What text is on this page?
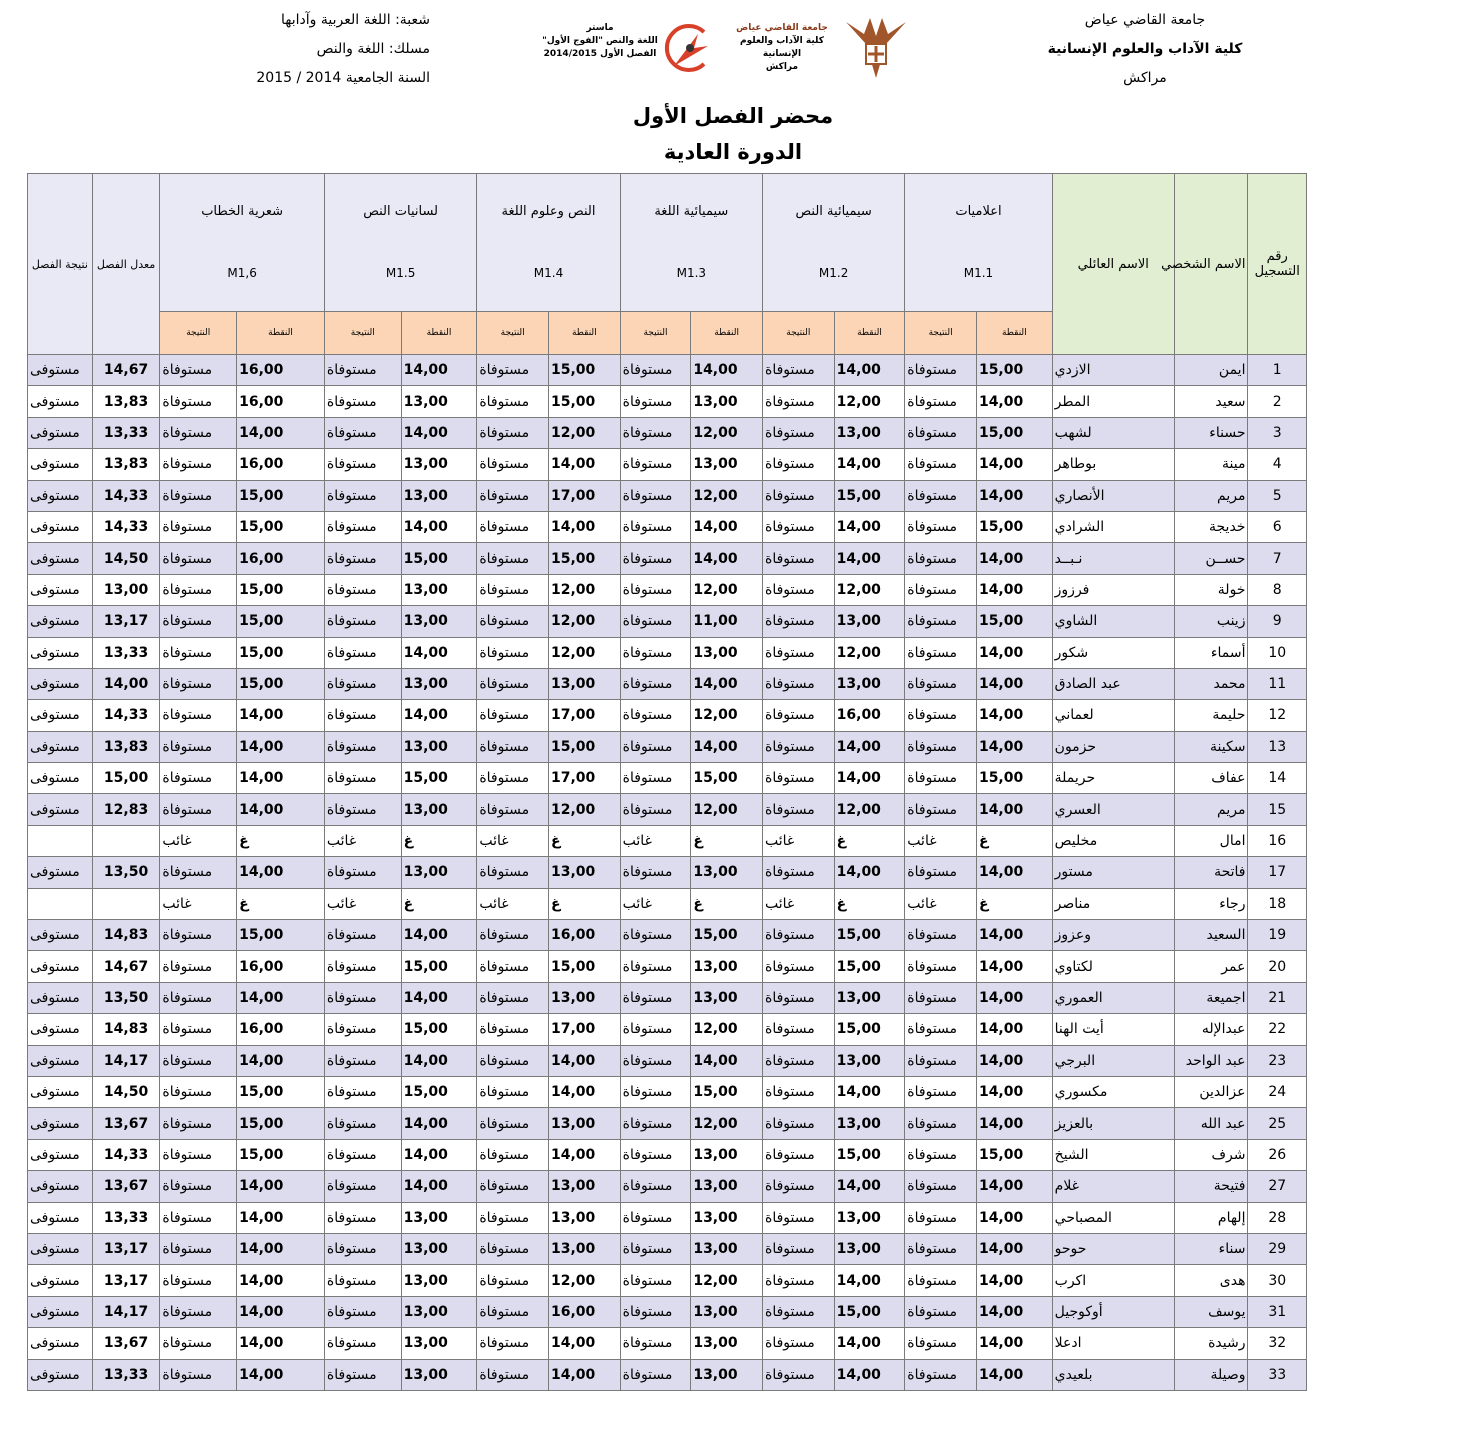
جامعة القاضي عياض
كلية الآداب والعلوم الإنسانية
مراكش
شعبة: اللغة العربية وآدابها
مسلك: اللغة والنص
السنة الجامعية 2014 / 2015
جامعة القاضي عياض
كلية الآداب والعلوم الإنسانية
مراكش
ماستر
اللغة والنص "الفوج الأول"
الفصل الأول 2014/2015
محضر الفصل الأول
الدورة العادية
رقم التسجيل	الاسم الشخصي	الاسم العائلي	اعلاميات
M1.1		سيميائية النص
M1.2		سيميائية اللغة
M1.3		النص وعلوم اللغة
M1.4		لسانيات النص
M1.5		شعرية الخطاب
M1,6		معدل الفصل	نتيجة الفصل
			النقطة	النتيجة	النقطة	النتيجة	النقطة	النتيجة	النقطة	النتيجة	النقطة	النتيجة	النقطة	النتيجة		
1	ايمن	الازدي	15,00	مستوفاة	14,00	مستوفاة	14,00	مستوفاة	15,00	مستوفاة	14,00	مستوفاة	16,00	مستوفاة	14,67	مستوفى
2	سعيد	المطر	14,00	مستوفاة	12,00	مستوفاة	13,00	مستوفاة	15,00	مستوفاة	13,00	مستوفاة	16,00	مستوفاة	13,83	مستوفى
3	حسناء	لشهب	15,00	مستوفاة	13,00	مستوفاة	12,00	مستوفاة	12,00	مستوفاة	14,00	مستوفاة	14,00	مستوفاة	13,33	مستوفى
4	مينة	بوطاهر	14,00	مستوفاة	14,00	مستوفاة	13,00	مستوفاة	14,00	مستوفاة	13,00	مستوفاة	16,00	مستوفاة	13,83	مستوفى
5	مريم	الأنصاري	14,00	مستوفاة	15,00	مستوفاة	12,00	مستوفاة	17,00	مستوفاة	13,00	مستوفاة	15,00	مستوفاة	14,33	مستوفى
6	خديجة	الشرادي	15,00	مستوفاة	14,00	مستوفاة	14,00	مستوفاة	14,00	مستوفاة	14,00	مستوفاة	15,00	مستوفاة	14,33	مستوفى
7	حســن	نـبــد	14,00	مستوفاة	14,00	مستوفاة	14,00	مستوفاة	15,00	مستوفاة	15,00	مستوفاة	16,00	مستوفاة	14,50	مستوفى
8	خولة	فرزوز	14,00	مستوفاة	12,00	مستوفاة	12,00	مستوفاة	12,00	مستوفاة	13,00	مستوفاة	15,00	مستوفاة	13,00	مستوفى
9	زينب	الشاوي	15,00	مستوفاة	13,00	مستوفاة	11,00	مستوفاة	12,00	مستوفاة	13,00	مستوفاة	15,00	مستوفاة	13,17	مستوفى
10	أسماء	شكور	14,00	مستوفاة	12,00	مستوفاة	13,00	مستوفاة	12,00	مستوفاة	14,00	مستوفاة	15,00	مستوفاة	13,33	مستوفى
11	محمد	عبد الصادق	14,00	مستوفاة	13,00	مستوفاة	14,00	مستوفاة	13,00	مستوفاة	13,00	مستوفاة	15,00	مستوفاة	14,00	مستوفى
12	حليمة	لعماني	14,00	مستوفاة	16,00	مستوفاة	12,00	مستوفاة	17,00	مستوفاة	14,00	مستوفاة	14,00	مستوفاة	14,33	مستوفى
13	سكينة	حزمون	14,00	مستوفاة	14,00	مستوفاة	14,00	مستوفاة	15,00	مستوفاة	13,00	مستوفاة	14,00	مستوفاة	13,83	مستوفى
14	عفاف	حريملة	15,00	مستوفاة	14,00	مستوفاة	15,00	مستوفاة	17,00	مستوفاة	15,00	مستوفاة	14,00	مستوفاة	15,00	مستوفى
15	مريم	العسري	14,00	مستوفاة	12,00	مستوفاة	12,00	مستوفاة	12,00	مستوفاة	13,00	مستوفاة	14,00	مستوفاة	12,83	مستوفى
16	امال	مخليص	غ	غائب	غ	غائب	غ	غائب	غ	غائب	غ	غائب	غ	غائب		
17	فاتحة	مستور	14,00	مستوفاة	14,00	مستوفاة	13,00	مستوفاة	13,00	مستوفاة	13,00	مستوفاة	14,00	مستوفاة	13,50	مستوفى
18	رجاء	مناصر	غ	غائب	غ	غائب	غ	غائب	غ	غائب	غ	غائب	غ	غائب		
19	السعيد	وعزوز	14,00	مستوفاة	15,00	مستوفاة	15,00	مستوفاة	16,00	مستوفاة	14,00	مستوفاة	15,00	مستوفاة	14,83	مستوفى
20	عمر	لكتاوي	14,00	مستوفاة	15,00	مستوفاة	13,00	مستوفاة	15,00	مستوفاة	15,00	مستوفاة	16,00	مستوفاة	14,67	مستوفى
21	اجميعة	العموري	14,00	مستوفاة	13,00	مستوفاة	13,00	مستوفاة	13,00	مستوفاة	14,00	مستوفاة	14,00	مستوفاة	13,50	مستوفى
22	عبدالإله	أيت الهنا	14,00	مستوفاة	15,00	مستوفاة	12,00	مستوفاة	17,00	مستوفاة	15,00	مستوفاة	16,00	مستوفاة	14,83	مستوفى
23	عبد الواحد	البرجي	14,00	مستوفاة	13,00	مستوفاة	14,00	مستوفاة	14,00	مستوفاة	14,00	مستوفاة	14,00	مستوفاة	14,17	مستوفى
24	عزالدين	مكسوري	14,00	مستوفاة	14,00	مستوفاة	15,00	مستوفاة	14,00	مستوفاة	15,00	مستوفاة	15,00	مستوفاة	14,50	مستوفى
25	عبد الله	بالعزيز	14,00	مستوفاة	13,00	مستوفاة	12,00	مستوفاة	13,00	مستوفاة	14,00	مستوفاة	15,00	مستوفاة	13,67	مستوفى
26	شرف	الشيخ	15,00	مستوفاة	15,00	مستوفاة	13,00	مستوفاة	14,00	مستوفاة	14,00	مستوفاة	15,00	مستوفاة	14,33	مستوفى
27	فتيحة	غلام	14,00	مستوفاة	14,00	مستوفاة	13,00	مستوفاة	13,00	مستوفاة	14,00	مستوفاة	14,00	مستوفاة	13,67	مستوفى
28	إلهام	المصباحي	14,00	مستوفاة	13,00	مستوفاة	13,00	مستوفاة	13,00	مستوفاة	13,00	مستوفاة	14,00	مستوفاة	13,33	مستوفى
29	سناء	حوحو	14,00	مستوفاة	13,00	مستوفاة	13,00	مستوفاة	13,00	مستوفاة	13,00	مستوفاة	14,00	مستوفاة	13,17	مستوفى
30	هدى	اكرب	14,00	مستوفاة	14,00	مستوفاة	12,00	مستوفاة	12,00	مستوفاة	13,00	مستوفاة	14,00	مستوفاة	13,17	مستوفى
31	يوسف	أوكوجيل	14,00	مستوفاة	15,00	مستوفاة	13,00	مستوفاة	16,00	مستوفاة	13,00	مستوفاة	14,00	مستوفاة	14,17	مستوفى
32	رشيدة	ادعلا	14,00	مستوفاة	14,00	مستوفاة	13,00	مستوفاة	14,00	مستوفاة	13,00	مستوفاة	14,00	مستوفاة	13,67	مستوفى
33	وصيلة	بلعيدي	14,00	مستوفاة	14,00	مستوفاة	13,00	مستوفاة	14,00	مستوفاة	13,00	مستوفاة	14,00	مستوفاة	13,33	مستوفى
